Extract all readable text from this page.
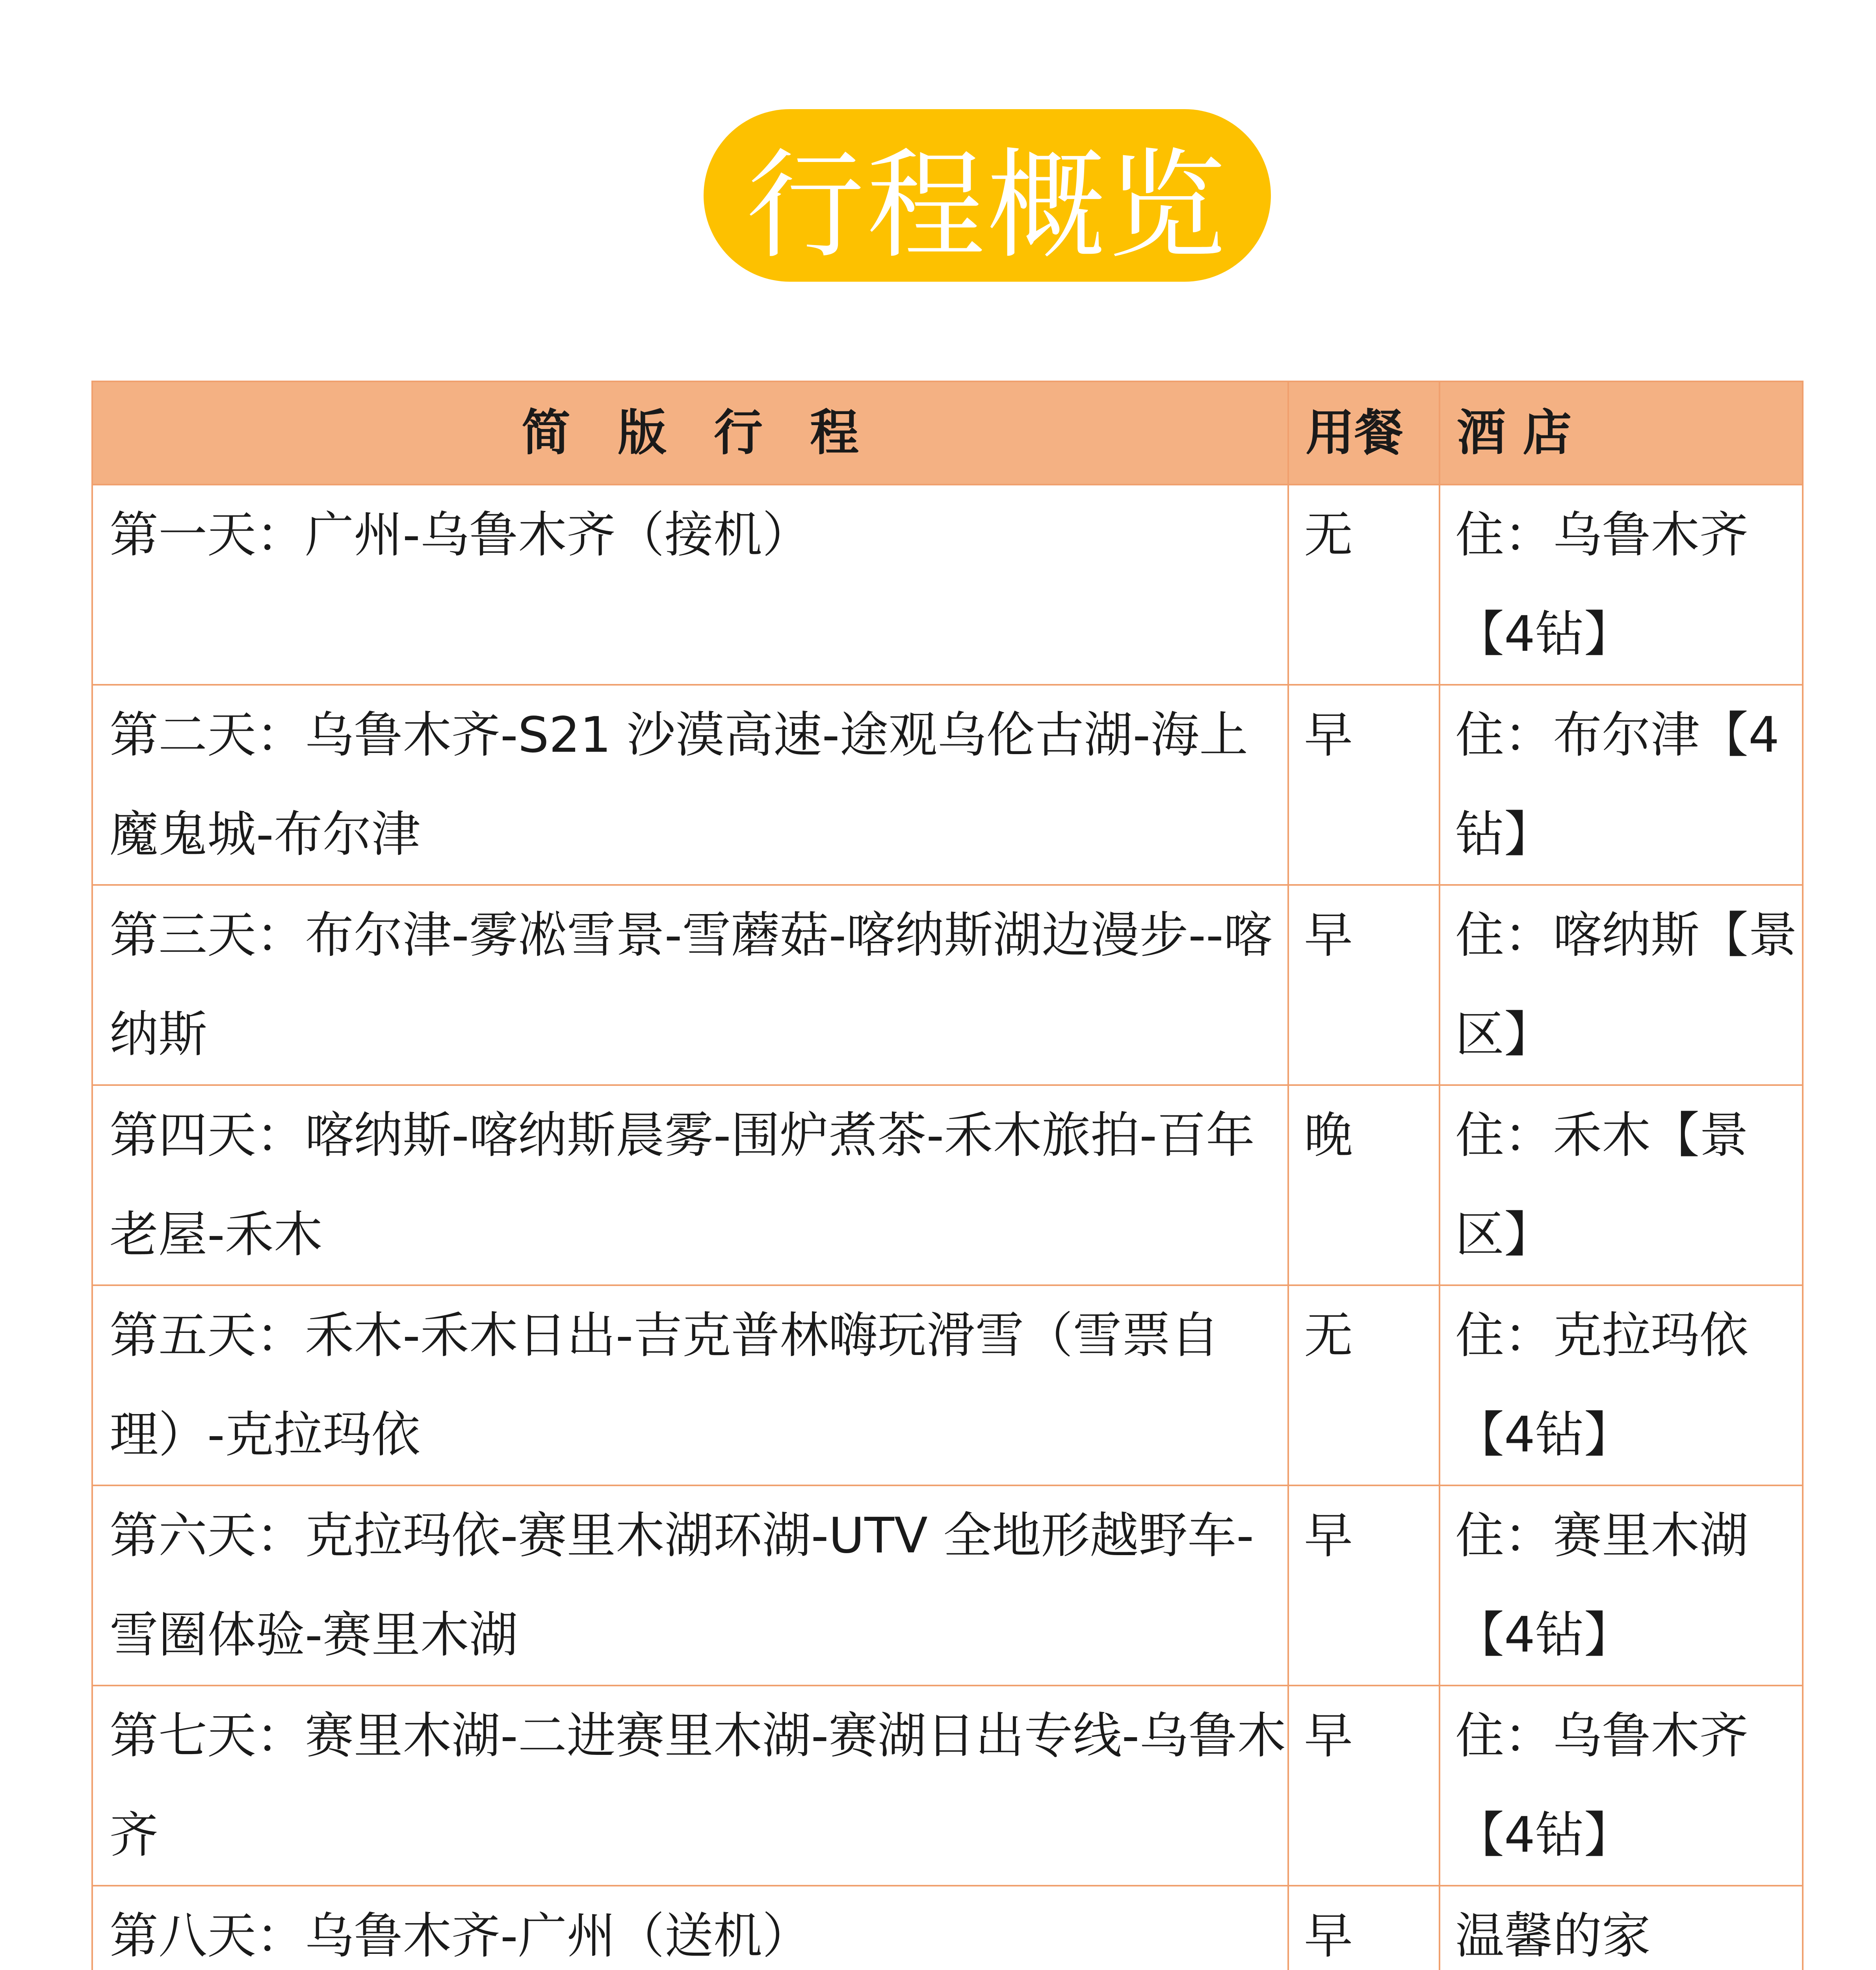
行程概览
简版行程	用餐	酒 店
第一天：广州-乌鲁木齐（接机）	无	住：乌鲁木齐【4钻】
第二天：乌鲁木齐-S21 沙漠高速-途观乌伦古湖-海上魔鬼城-布尔津	早	住：布尔津【4钻】
第三天：布尔津-雾凇雪景-雪蘑菇-喀纳斯湖边漫步--喀纳斯	早	住：喀纳斯【景区】
第四天：喀纳斯-喀纳斯晨雾-围炉煮茶-禾木旅拍-百年老屋-禾木	晚	住：禾木【景区】
第五天：禾木-禾木日出-吉克普林嗨玩滑雪（雪票自理）-克拉玛依	无	住：克拉玛依【4钻】
第六天：克拉玛依-赛里木湖环湖-UTV 全地形越野车-雪圈体验-赛里木湖	早	住：赛里木湖【4钻】
第七天：赛里木湖-二进赛里木湖-赛湖日出专线-乌鲁木齐	早	住：乌鲁木齐【4钻】
第八天：乌鲁木齐-广州（送机）	早	温馨的家
